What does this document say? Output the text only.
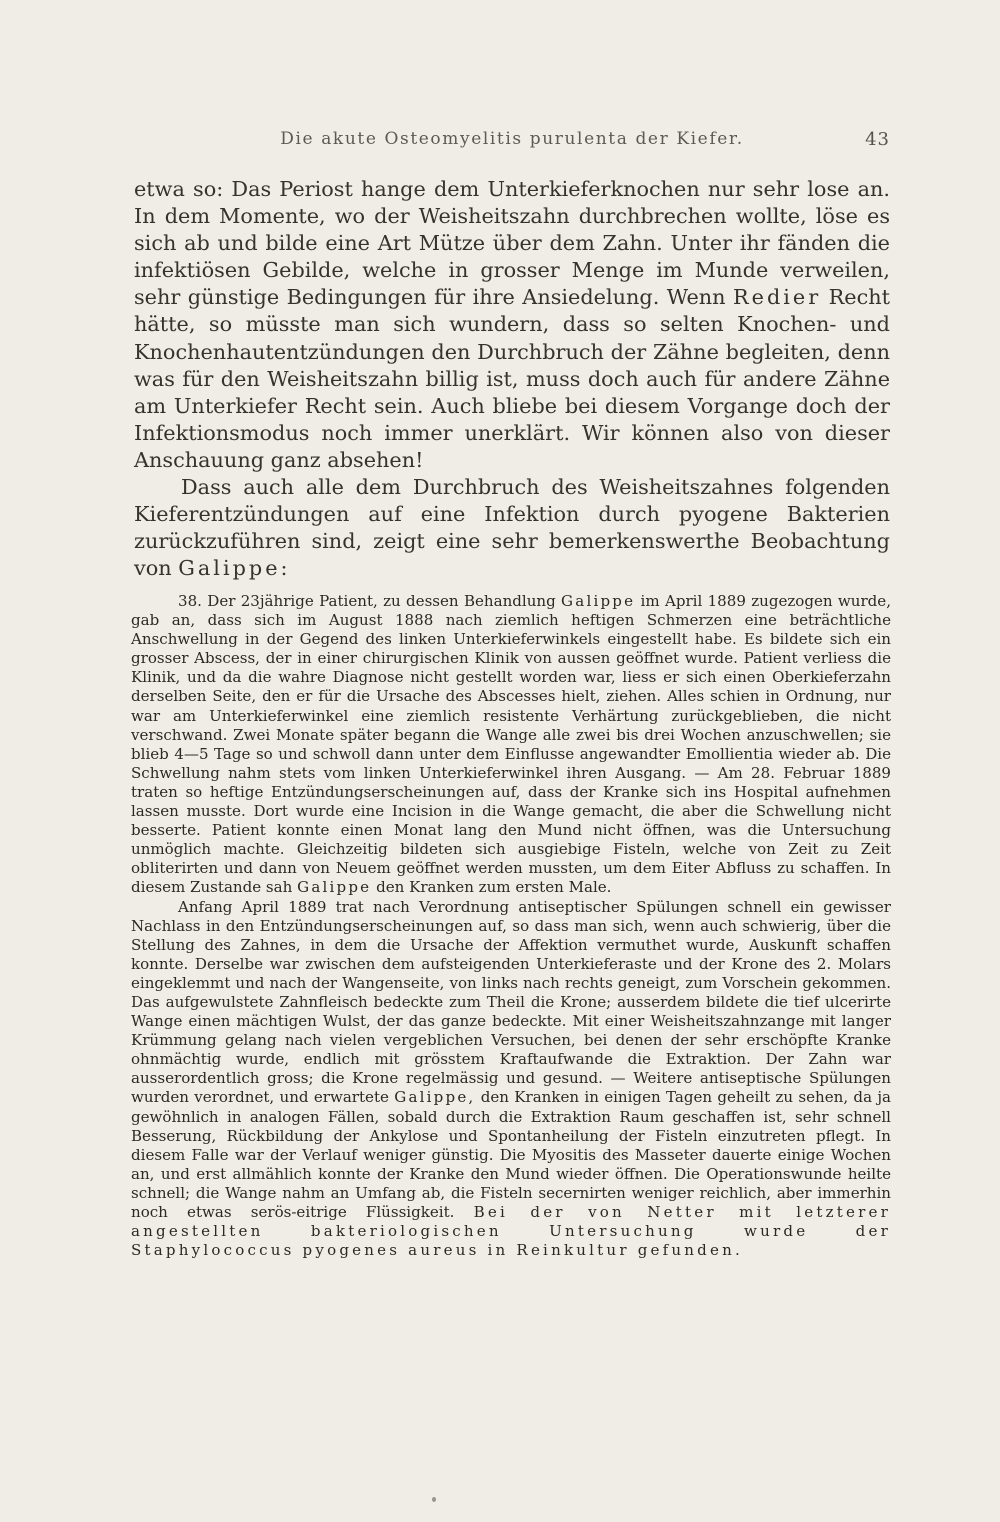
Die akute Osteomyelitis purulenta der Kiefer.	43

etwa so: Das Periost hange dem Unterkieferknochen nur sehr lose an. In dem Momente, wo der Weisheitszahn durchbrechen wollte, löse es sich ab und bilde eine Art Mütze über dem Zahn. Unter ihr fänden die infektiösen Gebilde, welche in grosser Menge im Munde verweilen, sehr günstige Bedingungen für ihre Ansiedelung. Wenn Redier Recht hätte, so müsste man sich wundern, dass so selten Knochen- und Knochenhautentzündungen den Durchbruch der Zähne begleiten, denn was für den Weisheitszahn billig ist, muss doch auch für andere Zähne am Unterkiefer Recht sein. Auch bliebe bei diesem Vorgange doch der Infektionsmodus noch immer unerklärt. Wir können also von dieser Anschauung ganz absehen!

Dass auch alle dem Durchbruch des Weisheitszahnes folgenden Kieferentzündungen auf eine Infektion durch pyogene Bakterien zurückzuführen sind, zeigt eine sehr bemerkenswerthe Beobachtung von Galippe:

38. Der 23jährige Patient, zu dessen Behandlung Galippe im April 1889 zugezogen wurde, gab an, dass sich im August 1888 nach ziemlich heftigen Schmerzen eine beträchtliche Anschwellung in der Gegend des linken Unterkieferwinkels eingestellt habe. Es bildete sich ein grosser Abscess, der in einer chirurgischen Klinik von aussen geöffnet wurde. Patient verliess die Klinik, und da die wahre Diagnose nicht gestellt worden war, liess er sich einen Oberkieferzahn derselben Seite, den er für die Ursache des Abscesses hielt, ziehen. Alles schien in Ordnung, nur war am Unterkieferwinkel eine ziemlich resistente Verhärtung zurückgeblieben, die nicht verschwand. Zwei Monate später begann die Wange alle zwei bis drei Wochen anzuschwellen; sie blieb 4—5 Tage so und schwoll dann unter dem Einflusse angewandter Emollientia wieder ab. Die Schwellung nahm stets vom linken Unterkieferwinkel ihren Ausgang. — Am 28. Februar 1889 traten so heftige Entzündungserscheinungen auf, dass der Kranke sich ins Hospital aufnehmen lassen musste. Dort wurde eine Incision in die Wange gemacht, die aber die Schwellung nicht besserte. Patient konnte einen Monat lang den Mund nicht öffnen, was die Untersuchung unmöglich machte. Gleichzeitig bildeten sich ausgiebige Fisteln, welche von Zeit zu Zeit obliterirten und dann von Neuem geöffnet werden mussten, um dem Eiter Abfluss zu schaffen. In diesem Zustande sah Galippe den Kranken zum ersten Male.

Anfang April 1889 trat nach Verordnung antiseptischer Spülungen schnell ein gewisser Nachlass in den Entzündungserscheinungen auf, so dass man sich, wenn auch schwierig, über die Stellung des Zahnes, in dem die Ursache der Affektion vermuthet wurde, Auskunft schaffen konnte. Derselbe war zwischen dem aufsteigenden Unterkieferaste und der Krone des 2. Molars eingeklemmt und nach der Wangenseite, von links nach rechts geneigt, zum Vorschein gekommen. Das aufgewulstete Zahnfleisch bedeckte zum Theil die Krone; ausserdem bildete die tief ulcerirte Wange einen mächtigen Wulst, der das ganze bedeckte. Mit einer Weisheitszahnzange mit langer Krümmung gelang nach vielen vergeblichen Versuchen, bei denen der sehr erschöpfte Kranke ohnmächtig wurde, endlich mit grösstem Kraftaufwande die Extraktion. Der Zahn war ausserordentlich gross; die Krone regelmässig und gesund. — Weitere antiseptische Spülungen wurden verordnet, und erwartete Galippe, den Kranken in einigen Tagen geheilt zu sehen, da ja gewöhnlich in analogen Fällen, sobald durch die Extraktion Raum geschaffen ist, sehr schnell Besserung, Rückbildung der Ankylose und Spontanheilung der Fisteln einzutreten pflegt. In diesem Falle war der Verlauf weniger günstig. Die Myositis des Masseter dauerte einige Wochen an, und erst allmählich konnte der Kranke den Mund wieder öffnen. Die Operationswunde heilte schnell; die Wange nahm an Umfang ab, die Fisteln secernirten weniger reichlich, aber immerhin noch etwas serös-eitrige Flüssigkeit. Bei der von Netter mit letzterer angestellten bakteriologischen Untersuchung wurde der Staphylococcus pyogenes aureus in Reinkultur gefunden.
